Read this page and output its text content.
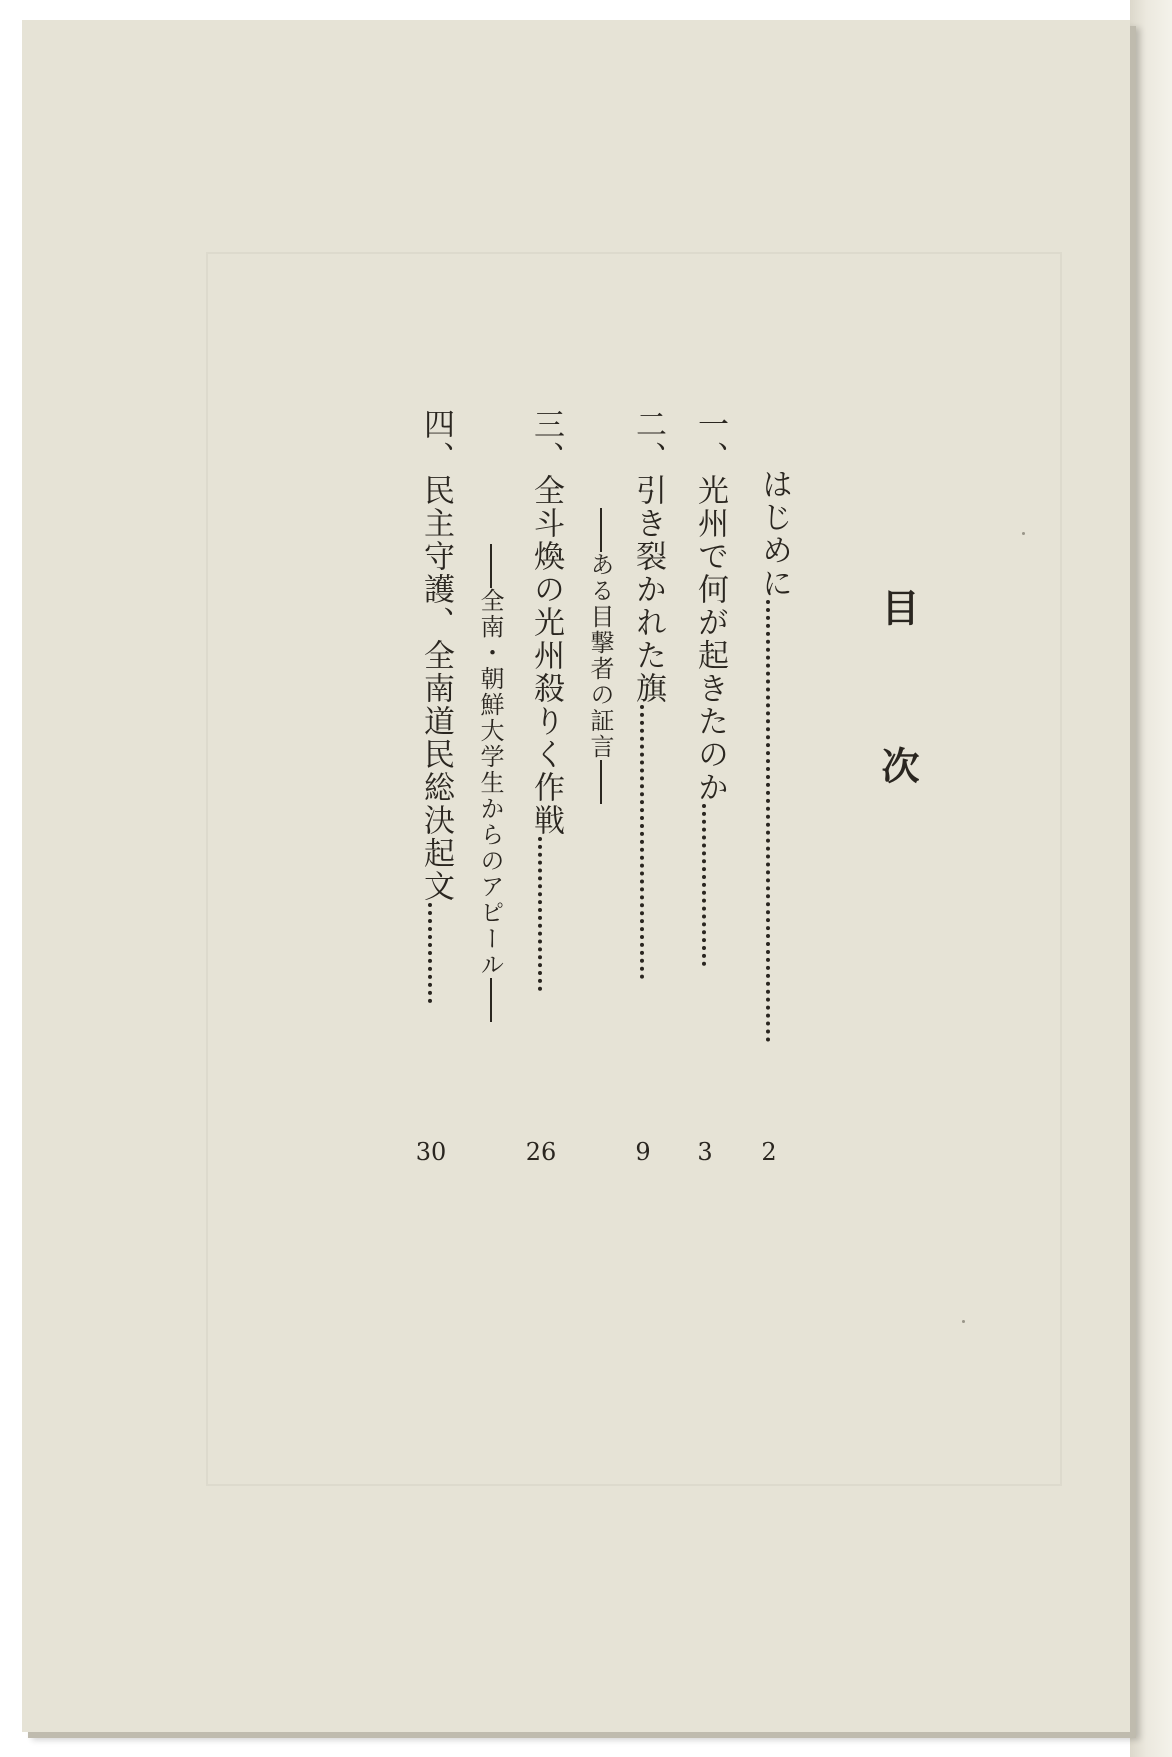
目次
はじめに
2
一、光州で何が起きたのか
3
二、引き裂かれた旗
ある目撃者の証言
9
三、全斗煥の光州殺りく作戦
全南・朝鮮大学生からのアピール
26
四、民主守護、全南道民総決起文
30
